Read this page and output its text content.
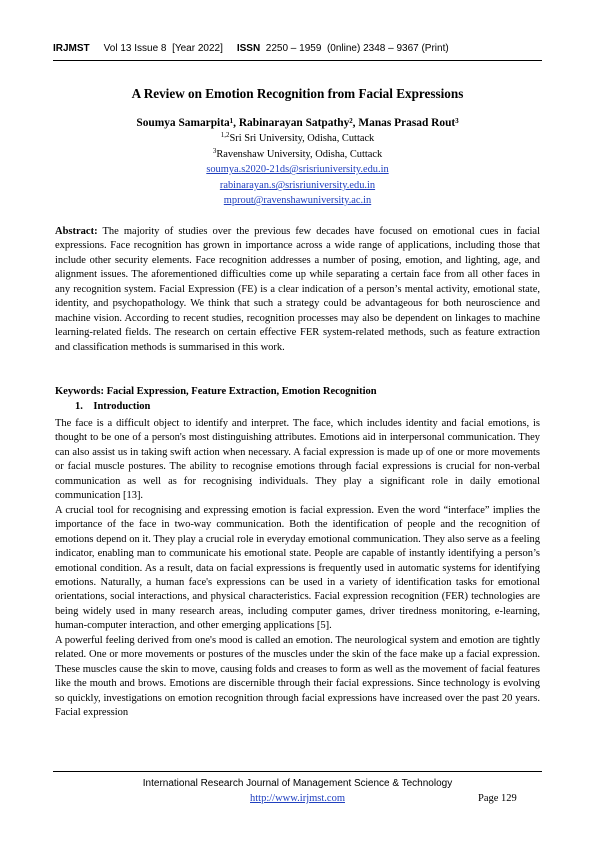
IRJMST Vol 13 Issue 8 [Year 2022] ISSN 2250 – 1959 (0nline) 2348 – 9367 (Print)
A Review on Emotion Recognition from Facial Expressions
Soumya Samarpita¹, Rabinarayan Satpathy², Manas Prasad Rout³
$^{1,2}$Sri Sri University, Odisha, Cuttack
$^3$Ravenshaw University, Odisha, Cuttack
soumya.s2020-21ds@srisriuniversity.edu.in
rabinarayan.s@srisriuniversity.edu.in
mprout@ravenshawuniversity.ac.in

Abstract: The majority of studies over the previous few decades have focused on emotional cues in facial expressions. Face recognition has grown in importance across a wide range of applications, including those that include other security elements. Face recognition addresses a number of posing, emotion, and lighting, age, and alignment issues. The aforementioned difficulties come up while separating a certain face from all other faces in any recognition system. Facial Expression (FE) is a clear indication of a person’s mental activity, emotional state, identity, and psychopathology. We think that such a strategy could be advantageous for both neuroscience and machine vision. According to recent studies, recognition processes may also be dependent on linkages to machine learning-related fields. The research on certain effective FER system-related methods, such as feature extraction and classification methods is summarised in this work.

Keywords: Facial Expression, Feature Extraction, Emotion Recognition

1. Introduction

The face is a difficult object to identify and interpret. The face, which includes identity and facial emotions, is thought to be one of a person's most distinguishing attributes. Emotions aid in interpersonal communication. They can also assist us in taking swift action when necessary. A facial expression is made up of one or more movements or facial muscle postures. The ability to recognise emotions through facial expressions is crucial for non-verbal communication as well as for recognising individuals. They play a significant role in daily emotional communication [13].

A crucial tool for recognising and expressing emotion is facial expression. Even the word “interface” implies the importance of the face in two-way communication. Both the identification of people and the recognition of emotions depend on it. They play a crucial role in everyday emotional communication. They also serve as a feeling indicator, enabling man to communicate his emotional state. People are capable of instantly identifying a person’s emotional condition. As a result, data on facial expressions is frequently used in automatic systems for identifying emotions. Naturally, a human face's expressions can be used in a variety of identification tasks for emotional orientations, social interactions, and physical characteristics. Facial expression recognition (FER) technologies are being widely used in many research areas, including computer games, driver tiredness monitoring, e-learning, human-computer interaction, and other emerging applications [5].

A powerful feeling derived from one's mood is called an emotion. The neurological system and emotion are tightly related. One or more movements or postures of the muscles under the skin of the face make up a facial expression. These muscles cause the skin to move, causing folds and creases to form as well as the movement of facial features like the mouth and brows. Emotions are discernible through their facial expressions. Since technology is evolving so quickly, investigations on emotion recognition through facial expressions have increased over the past 20 years. Facial expression

International Research Journal of Management Science & Technology
http://www.irjmst.com	Page 129
